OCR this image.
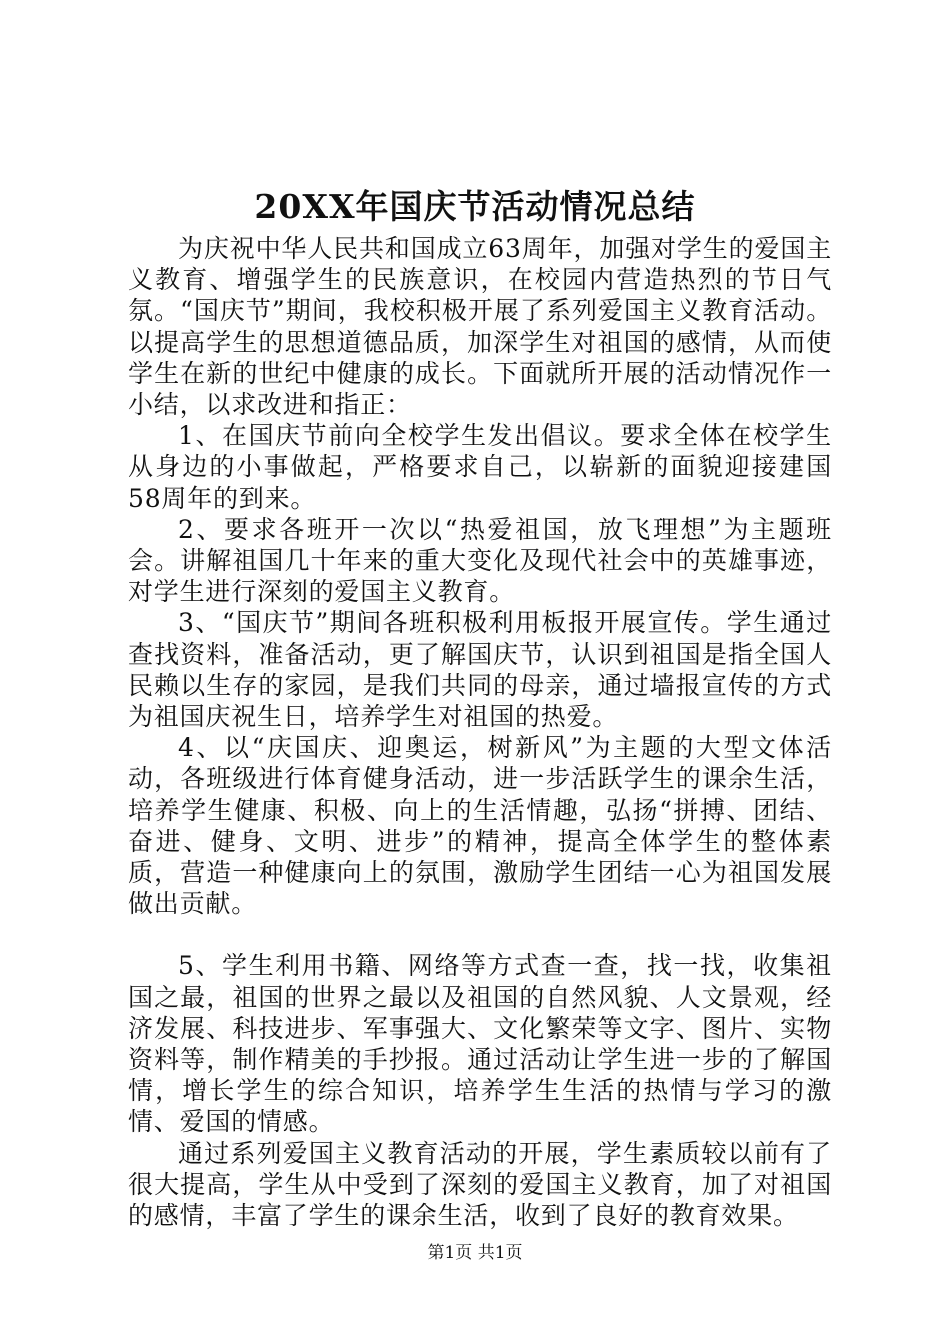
20XX年国庆节活动情况总结

为庆祝中华人民共和国成立63周年，加强对学生的爱国主义教育、增强学生的民族意识，在校园内营造热烈的节日气氛。“国庆节”期间，我校积极开展了系列爱国主义教育活动。以提高学生的思想道德品质，加深学生对祖国的感情，从而使学生在新的世纪中健康的成长。下面就所开展的活动情况作一小结，以求改进和指正：

1、在国庆节前向全校学生发出倡议。要求全体在校学生从身边的小事做起，严格要求自己，以崭新的面貌迎接建国58周年的到来。

2、要求各班开一次以“热爱祖国，放飞理想”为主题班会。讲解祖国几十年来的重大变化及现代社会中的英雄事迹，对学生进行深刻的爱国主义教育。

3、“国庆节”期间各班积极利用板报开展宣传。学生通过查找资料，准备活动，更了解国庆节，认识到祖国是指全国人民赖以生存的家园，是我们共同的母亲，通过墙报宣传的方式为祖国庆祝生日，培养学生对祖国的热爱。

4、以“庆国庆、迎奥运，树新风”为主题的大型文体活动，各班级进行体育健身活动，进一步活跃学生的课余生活，培养学生健康、积极、向上的生活情趣，弘扬“拼搏、团结、奋进、健身、文明、进步”的精神，提高全体学生的整体素质，营造一种健康向上的氛围，激励学生团结一心为祖国发展做出贡献。

5、学生利用书籍、网络等方式查一查，找一找，收集祖国之最，祖国的世界之最以及祖国的自然风貌、人文景观，经济发展、科技进步、军事强大、文化繁荣等文字、图片、实物资料等，制作精美的手抄报。通过活动让学生进一步的了解国情，增长学生的综合知识，培养学生生活的热情与学习的激情、爱国的情感。

通过系列爱国主义教育活动的开展，学生素质较以前有了很大提高，学生从中受到了深刻的爱国主义教育，加了对祖国的感情，丰富了学生的课余生活，收到了良好的教育效果。

第1页 共1页
